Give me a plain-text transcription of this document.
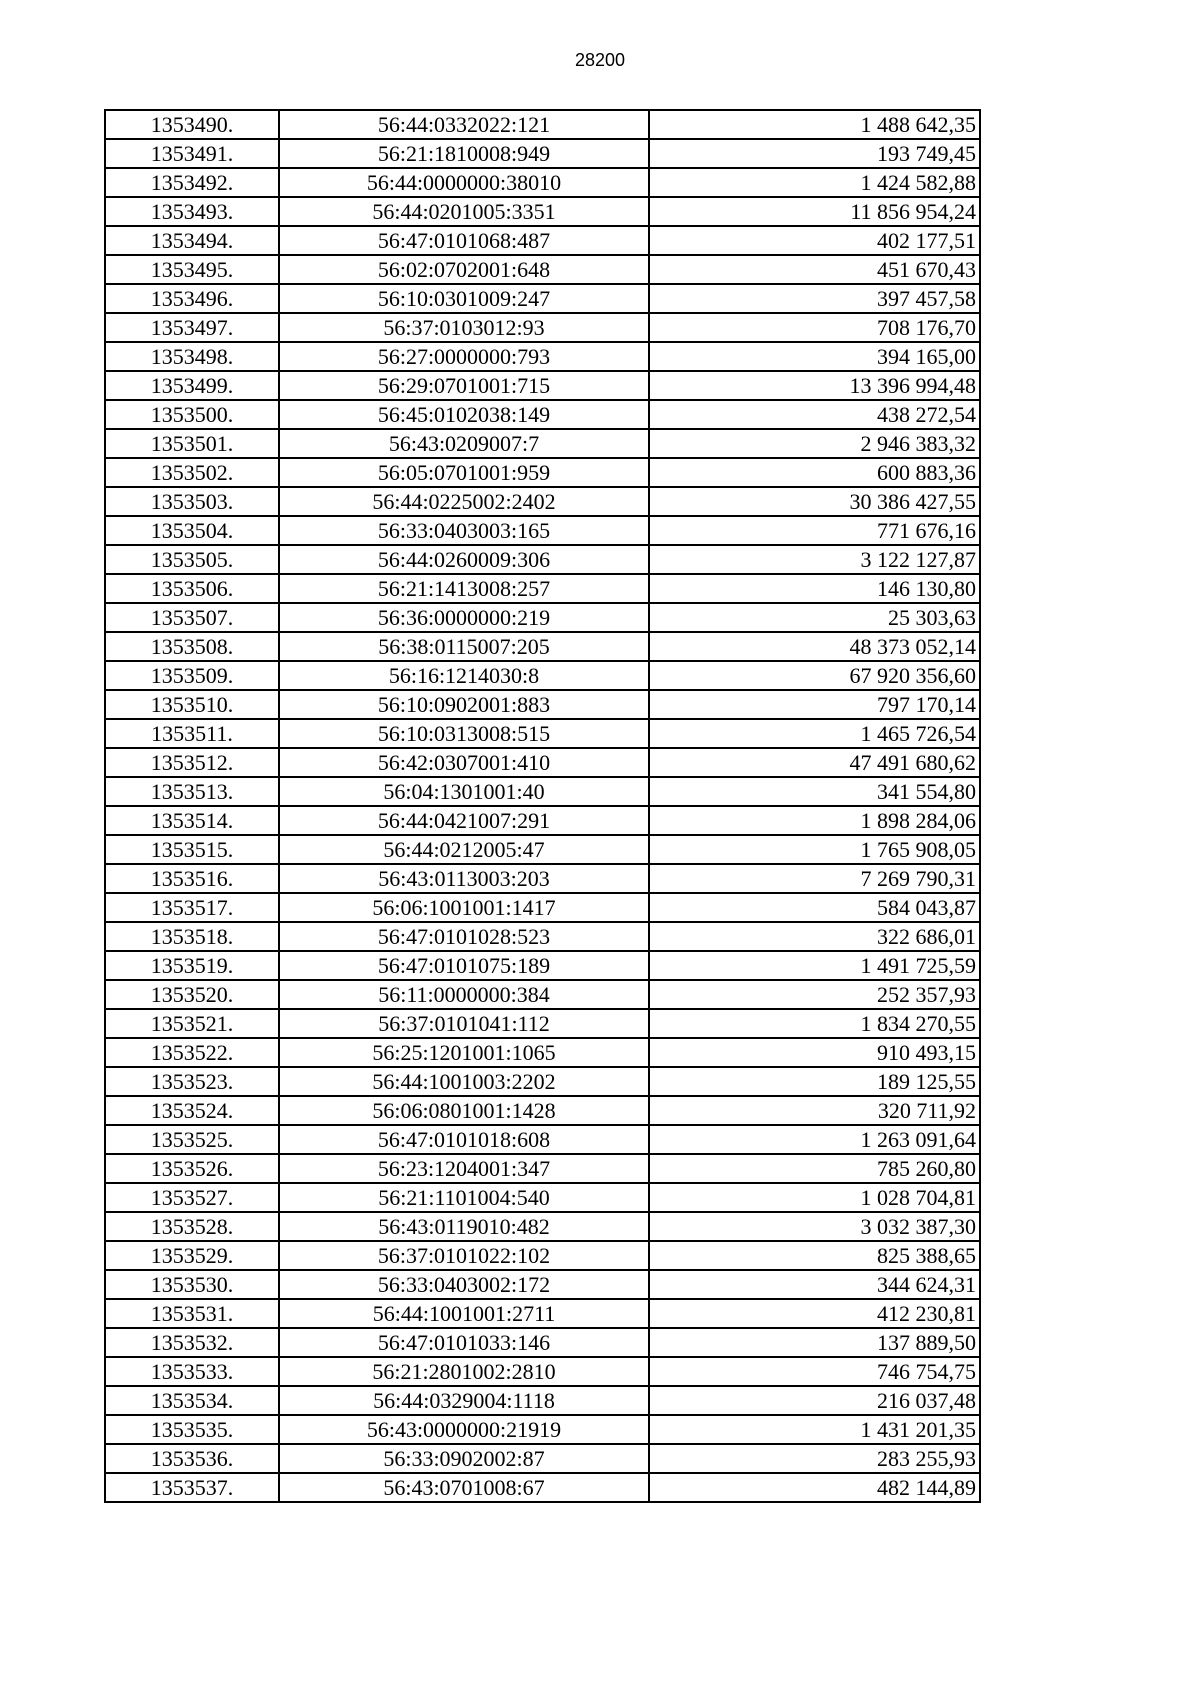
28200
1353490.	56:44:0332022:121	1 488 642,35
1353491.	56:21:1810008:949	193 749,45
1353492.	56:44:0000000:38010	1 424 582,88
1353493.	56:44:0201005:3351	11 856 954,24
1353494.	56:47:0101068:487	402 177,51
1353495.	56:02:0702001:648	451 670,43
1353496.	56:10:0301009:247	397 457,58
1353497.	56:37:0103012:93	708 176,70
1353498.	56:27:0000000:793	394 165,00
1353499.	56:29:0701001:715	13 396 994,48
1353500.	56:45:0102038:149	438 272,54
1353501.	56:43:0209007:7	2 946 383,32
1353502.	56:05:0701001:959	600 883,36
1353503.	56:44:0225002:2402	30 386 427,55
1353504.	56:33:0403003:165	771 676,16
1353505.	56:44:0260009:306	3 122 127,87
1353506.	56:21:1413008:257	146 130,80
1353507.	56:36:0000000:219	25 303,63
1353508.	56:38:0115007:205	48 373 052,14
1353509.	56:16:1214030:8	67 920 356,60
1353510.	56:10:0902001:883	797 170,14
1353511.	56:10:0313008:515	1 465 726,54
1353512.	56:42:0307001:410	47 491 680,62
1353513.	56:04:1301001:40	341 554,80
1353514.	56:44:0421007:291	1 898 284,06
1353515.	56:44:0212005:47	1 765 908,05
1353516.	56:43:0113003:203	7 269 790,31
1353517.	56:06:1001001:1417	584 043,87
1353518.	56:47:0101028:523	322 686,01
1353519.	56:47:0101075:189	1 491 725,59
1353520.	56:11:0000000:384	252 357,93
1353521.	56:37:0101041:112	1 834 270,55
1353522.	56:25:1201001:1065	910 493,15
1353523.	56:44:1001003:2202	189 125,55
1353524.	56:06:0801001:1428	320 711,92
1353525.	56:47:0101018:608	1 263 091,64
1353526.	56:23:1204001:347	785 260,80
1353527.	56:21:1101004:540	1 028 704,81
1353528.	56:43:0119010:482	3 032 387,30
1353529.	56:37:0101022:102	825 388,65
1353530.	56:33:0403002:172	344 624,31
1353531.	56:44:1001001:2711	412 230,81
1353532.	56:47:0101033:146	137 889,50
1353533.	56:21:2801002:2810	746 754,75
1353534.	56:44:0329004:1118	216 037,48
1353535.	56:43:0000000:21919	1 431 201,35
1353536.	56:33:0902002:87	283 255,93
1353537.	56:43:0701008:67	482 144,89
